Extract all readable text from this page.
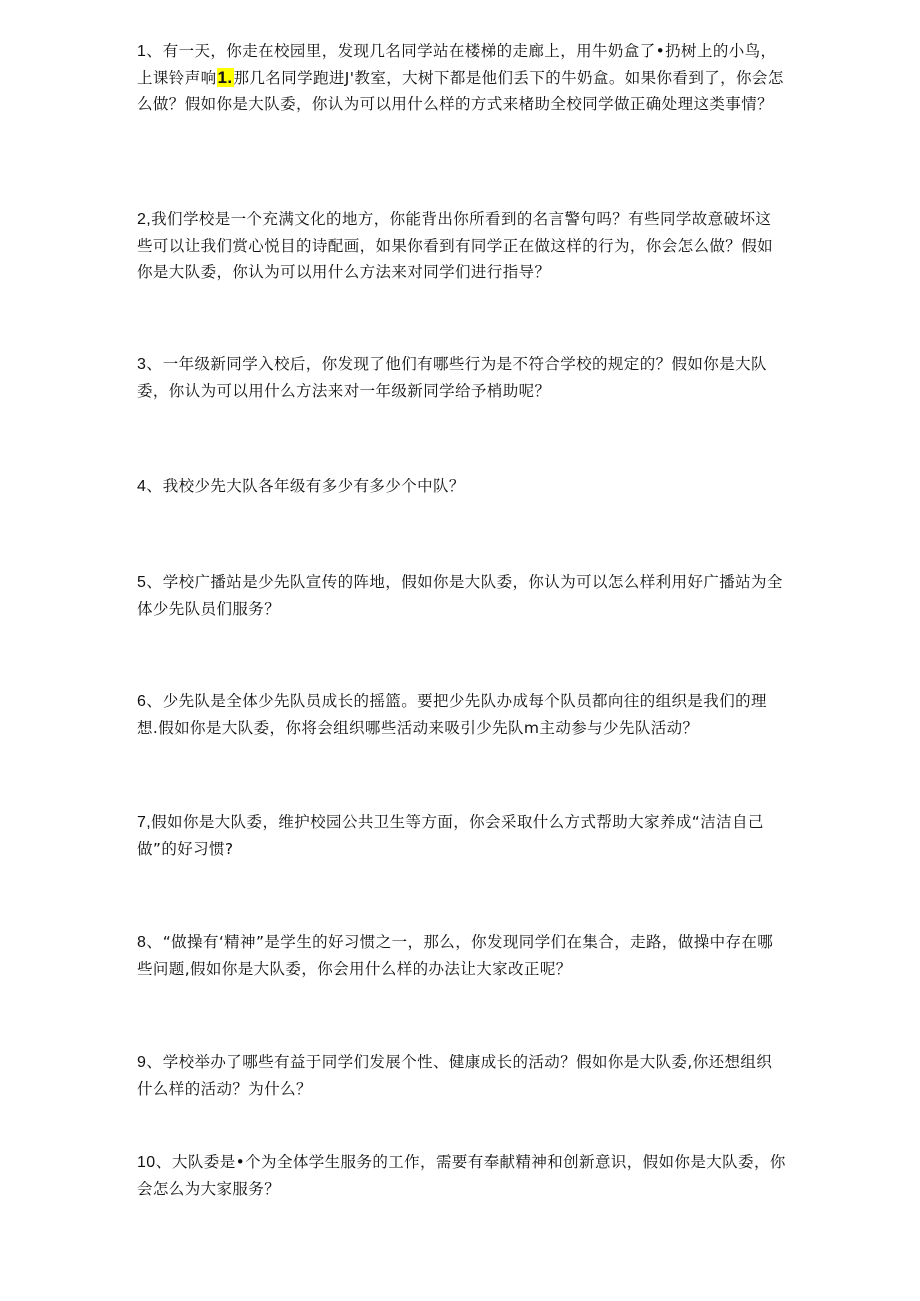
1、有一天，你走在校园里，发现几名同学站在楼梯的走廊上，用牛奶盒了•扔树上的小鸟，上课铃声响1.那几名同学跑进J'教室，大树下都是他们丢下的牛奶盒。如果你看到了，你会怎么做？假如你是大队委，你认为可以用什么样的方式来楮助全校同学做正确处理这类事情？

2,我们学校是一个充满文化的地方，你能背出你所看到的名言警句吗？有些同学故意破坏这些可以让我们赏心悦目的诗配画，如果你看到有同学正在做这样的行为，你会怎么做？假如你是大队委，你认为可以用什么方法来对同学们进行指导？

3、一年级新同学入校后，你发现了他们有哪些行为是不符合学校的规定的？假如你是大队委，你认为可以用什么方法来对一年级新同学给予梢助呢？

4、我校少先大队各年级有多少有多少个中队？

5、学校广播站是少先队宣传的阵地，假如你是大队委，你认为可以怎么样利用好广播站为全体少先队员们服务？

6、少先队是全体少先队员成长的摇篮。要把少先队办成每个队员都向往的组织是我们的理想.假如你是大队委，你将会组织哪些活动来吸引少先队m主动参与少先队活动？

7,假如你是大队委，维护校园公共卫生等方面，你会采取什么方式帮助大家养成“洁洁自己做”的好习惯?

8、“做操有‘精神”是学生的好习惯之一，那么，你发现同学们在集合，走路，做操中存在哪些问题,假如你是大队委，你会用什么样的办法让大家改正呢？

9、学校举办了哪些有益于同学们发展个性、健康成长的活动？假如你是大队委,你还想组织什么样的活动？为什么？

10、大队委是•个为全体学生服务的工作，需要有奉献精神和创新意识，假如你是大队委，你会怎么为大家服务？
